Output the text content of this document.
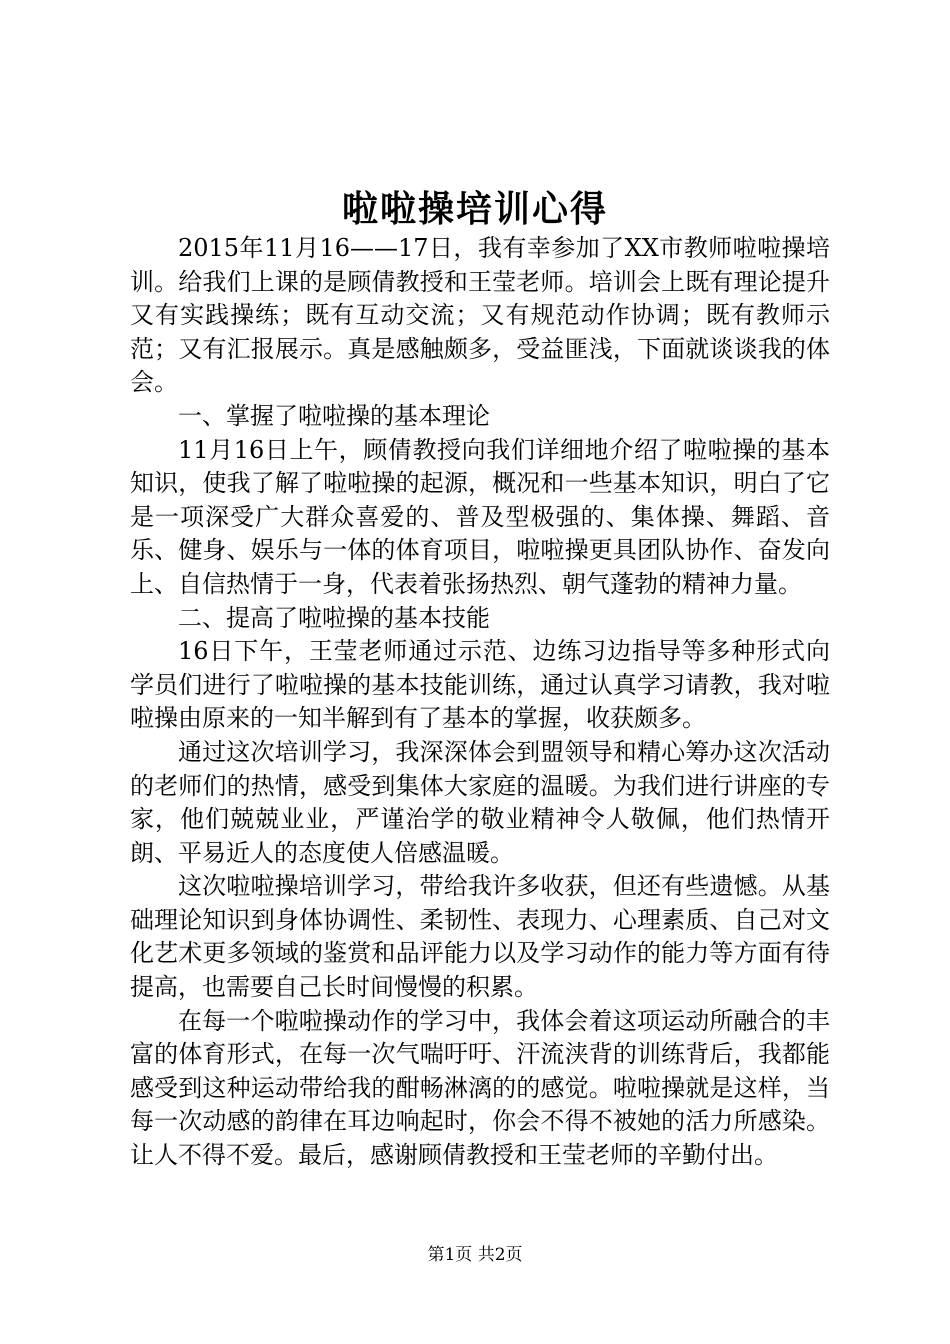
啦啦操培训心得

2015年11月16——17日，我有幸参加了XX市教师啦啦操培训。给我们上课的是顾倩教授和王莹老师。培训会上既有理论提升又有实践操练；既有互动交流；又有规范动作协调；既有教师示范；又有汇报展示。真是感触颇多，受益匪浅，下面就谈谈我的体会。

一、掌握了啦啦操的基本理论

11月16日上午，顾倩教授向我们详细地介绍了啦啦操的基本知识，使我了解了啦啦操的起源，概况和一些基本知识，明白了它是一项深受广大群众喜爱的、普及型极强的、集体操、舞蹈、音乐、健身、娱乐与一体的体育项目，啦啦操更具团队协作、奋发向上、自信热情于一身，代表着张扬热烈、朝气蓬勃的精神力量。

二、提高了啦啦操的基本技能

16日下午，王莹老师通过示范、边练习边指导等多种形式向学员们进行了啦啦操的基本技能训练，通过认真学习请教，我对啦啦操由原来的一知半解到有了基本的掌握，收获颇多。

通过这次培训学习，我深深体会到盟领导和精心筹办这次活动的老师们的热情，感受到集体大家庭的温暖。为我们进行讲座的专家，他们兢兢业业，严谨治学的敬业精神令人敬佩，他们热情开朗、平易近人的态度使人倍感温暖。

这次啦啦操培训学习，带给我许多收获，但还有些遗憾。从基础理论知识到身体协调性、柔韧性、表现力、心理素质、自己对文化艺术更多领域的鉴赏和品评能力以及学习动作的能力等方面有待提高，也需要自己长时间慢慢的积累。

在每一个啦啦操动作的学习中，我体会着这项运动所融合的丰富的体育形式，在每一次气喘吁吁、汗流浃背的训练背后，我都能感受到这种运动带给我的酣畅淋漓的的感觉。啦啦操就是这样，当每一次动感的韵律在耳边响起时，你会不得不被她的活力所感染。让人不得不爱。最后，感谢顾倩教授和王莹老师的辛勤付出。

第1页 共2页
